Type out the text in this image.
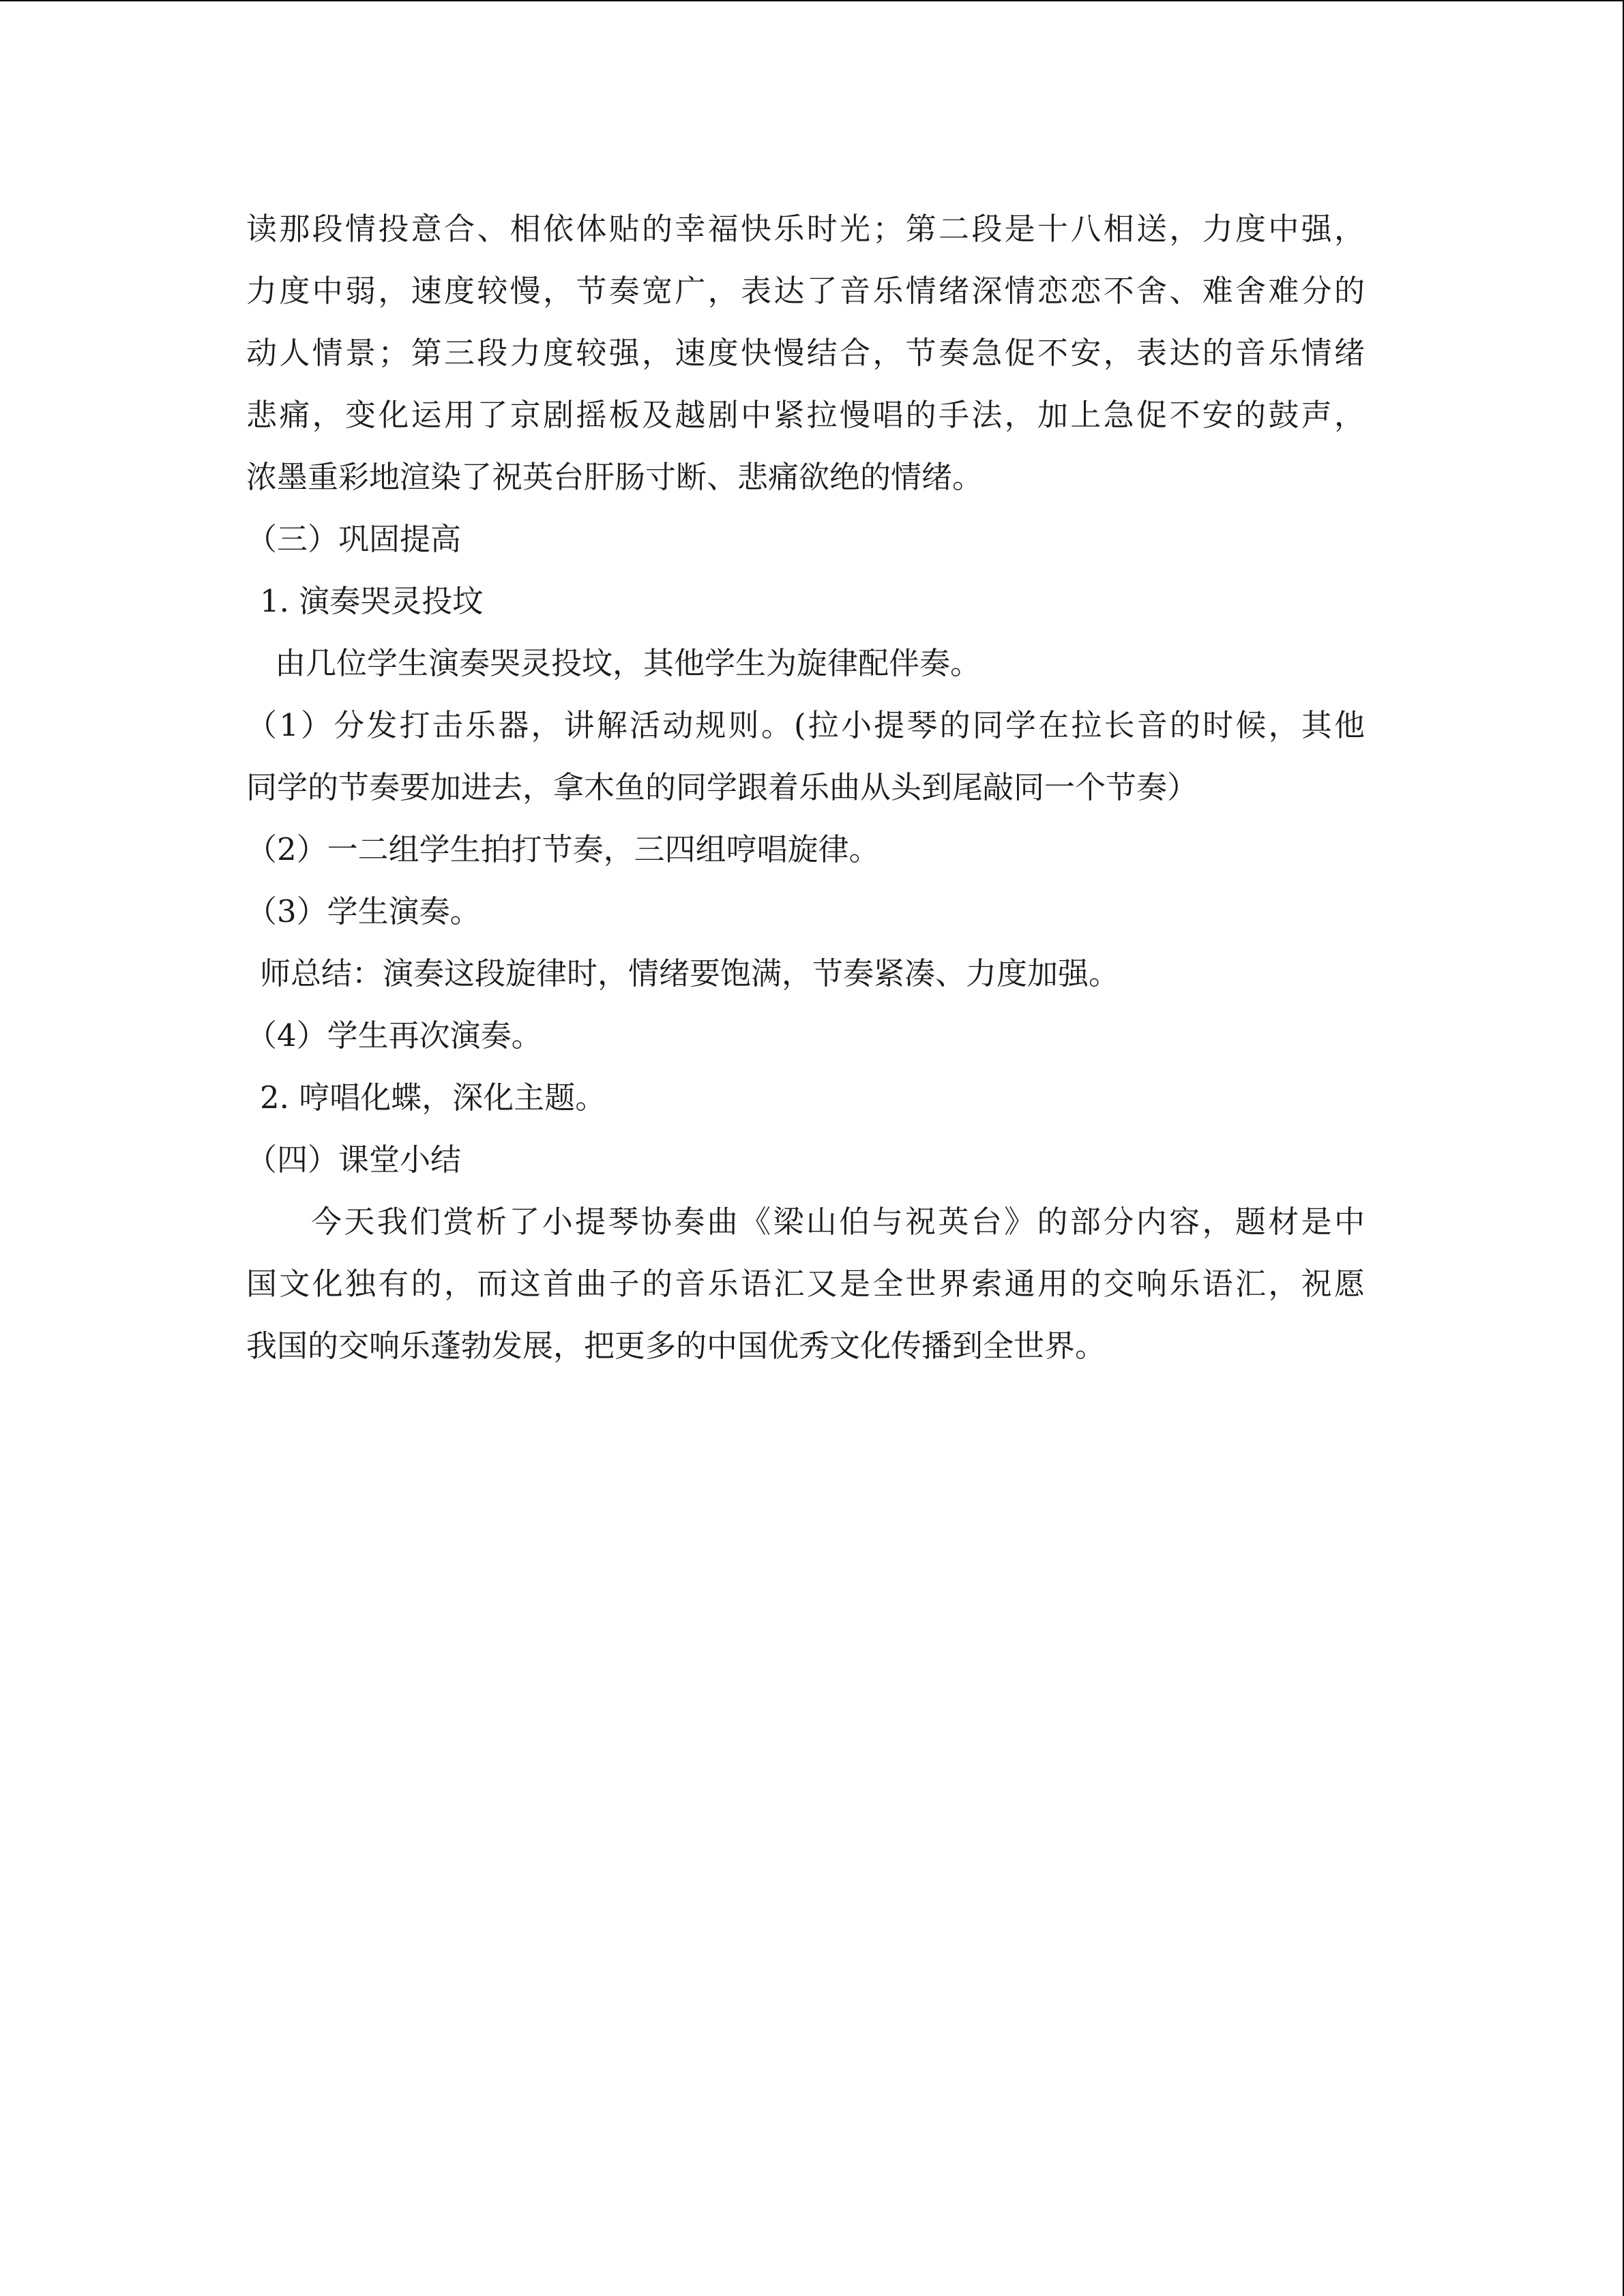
读那段情投意合、相依体贴的幸福快乐时光；第二段是十八相送，力度中强，
力度中弱，速度较慢，节奏宽广，表达了音乐情绪深情恋恋不舍、难舍难分的
动人情景；第三段力度较强，速度快慢结合，节奏急促不安，表达的音乐情绪
悲痛，变化运用了京剧摇板及越剧中紧拉慢唱的手法，加上急促不安的鼓声，
浓墨重彩地渲染了祝英台肝肠寸断、悲痛欲绝的情绪。
（三）巩固提高
1. 演奏哭灵投坟
由几位学生演奏哭灵投坟，其他学生为旋律配伴奏。
（1）分发打击乐器，讲解活动规则。(拉小提琴的同学在拉长音的时候，其他
同学的节奏要加进去，拿木鱼的同学跟着乐曲从头到尾敲同一个节奏）
（2）一二组学生拍打节奏，三四组哼唱旋律。
（3）学生演奏。
师总结：演奏这段旋律时，情绪要饱满，节奏紧凑、力度加强。
（4）学生再次演奏。
2. 哼唱化蝶，深化主题。
（四）课堂小结
今天我们赏析了小提琴协奏曲《梁山伯与祝英台》的部分内容，题材是中
国文化独有的，而这首曲子的音乐语汇又是全世界索通用的交响乐语汇，祝愿
我国的交响乐蓬勃发展，把更多的中国优秀文化传播到全世界。
